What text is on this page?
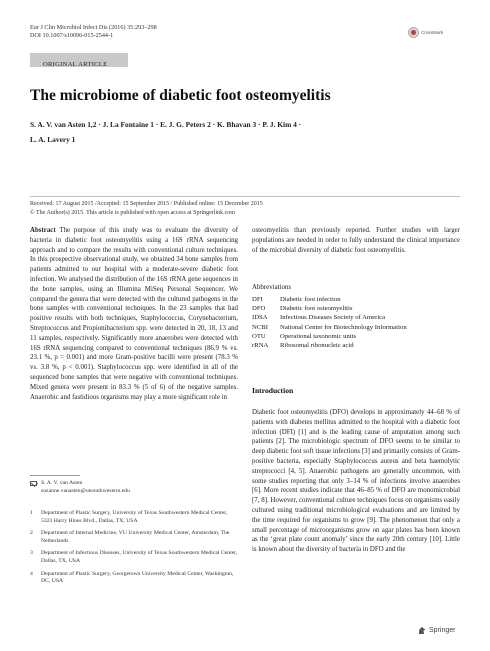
Eur J Clin Microbiol Infect Dis (2016) 35:293–298
DOI 10.1007/s10096-015-2544-1	CrossMark
ORIGINAL ARTICLE
The microbiome of diabetic foot osteomyelitis
S. A. V. van Asten 1,2 · J. La Fontaine 1 · E. J. G. Peters 2 · K. Bhavan 3 · P. J. Kim 4 ·
L. A. Lavery 1
Received: 17 August 2015 /Accepted: 15 September 2015 / Published online: 15 December 2015
© The Author(s) 2015. This article is published with open access at Springerlink.com

Abstract The purpose of this study was to evaluate the diversity of bacteria in diabetic foot osteomyelitis using a 16S rRNA sequencing approach and to compare the results with conventional culture techniques. In this prospective observational study, we obtained 34 bone samples from patients admitted to our hospital with a moderate-severe diabetic foot infection. We analysed the distribution of the 16S rRNA gene sequences in the bone samples, using an Illumina MiSeq Personal Sequencer. We compared the genera that were detected with the cultured pathogens in the bone samples with conventional techniques. In the 23 samples that had positive results with both techniques, Staphylococcus, Corynebacterium, Streptococcus and Propionibacterium spp. were detected in 20, 18, 13 and 11 samples, respectively. Significantly more anaerobes were detected with 16S rRNA sequencing compared to conventional techniques (86.9 % vs. 23.1 %, p = 0.001) and more Gram-positive bacilli were present (78.3 % vs. 3.8 %, p < 0.001). Staphylococcus spp. were identified in all of the sequenced bone samples that were negative with conventional techniques. Mixed genera were present in 83.3 % (5 of 6) of the negative samples. Anaerobic and fastidious organisms may play a more significant role in

S. A. V. van Asten
suzanne.vanasten@utsouthwestern.edu
1	Department of Plastic Surgery, University of Texas Southwestern Medical Center, 5323 Harry Hines Blvd., Dallas, TX, USA
2	Department of Internal Medicine, VU University Medical Center, Amsterdam, The Netherlands
3	Department of Infectious Diseases, University of Texas Southwestern Medical Center, Dallas, TX, USA
4	Department of Plastic Surgery, Georgetown University Medical Center, Washington, DC, USA
osteomyelitis than previously reported. Further studies with larger populations are needed in order to fully understand the clinical importance of the microbial diversity of diabetic foot osteomyelitis.
Abbreviations
DFI	Diabetic foot infection
DFO	Diabetic foot osteomyelitis
IDSA	Infectious Diseases Society of America
NCBI	National Center for Biotechnology Information
OTU	Operational taxonomic units
rRNA	Ribosomal ribonucleic acid
Introduction
Diabetic foot osteomyelitis (DFO) develops in approximately 44–68 % of patients with diabetes mellitus admitted to the hospital with a diabetic foot infection (DFI) [1] and is the leading cause of amputation among such patients [2]. The microbiologic spectrum of DFO seems to be similar to deep diabetic foot soft tissue infections [3] and primarily consists of Gram-positive bacteria, especially Staphylococcus aureus and beta haemolytic streptococci [4, 5]. Anaerobic pathogens are generally uncommon, with some studies reporting that only 3–14 % of infections involve anaerobes [6]. More recent studies indicate that 46–85 % of DFO are monomicrobial [7, 8]. However, conventional culture techniques focus on organisms easily cultured using traditional microbiological evaluations and are limited by the time required for organisms to grow [9]. The phenomenon that only a small percentage of microorganisms grow on agar plates has been known as the ‘great plate count anomaly’ since the early 20th century [10]. Little is known about the diversity of bacteria in DFO and the
Springer
